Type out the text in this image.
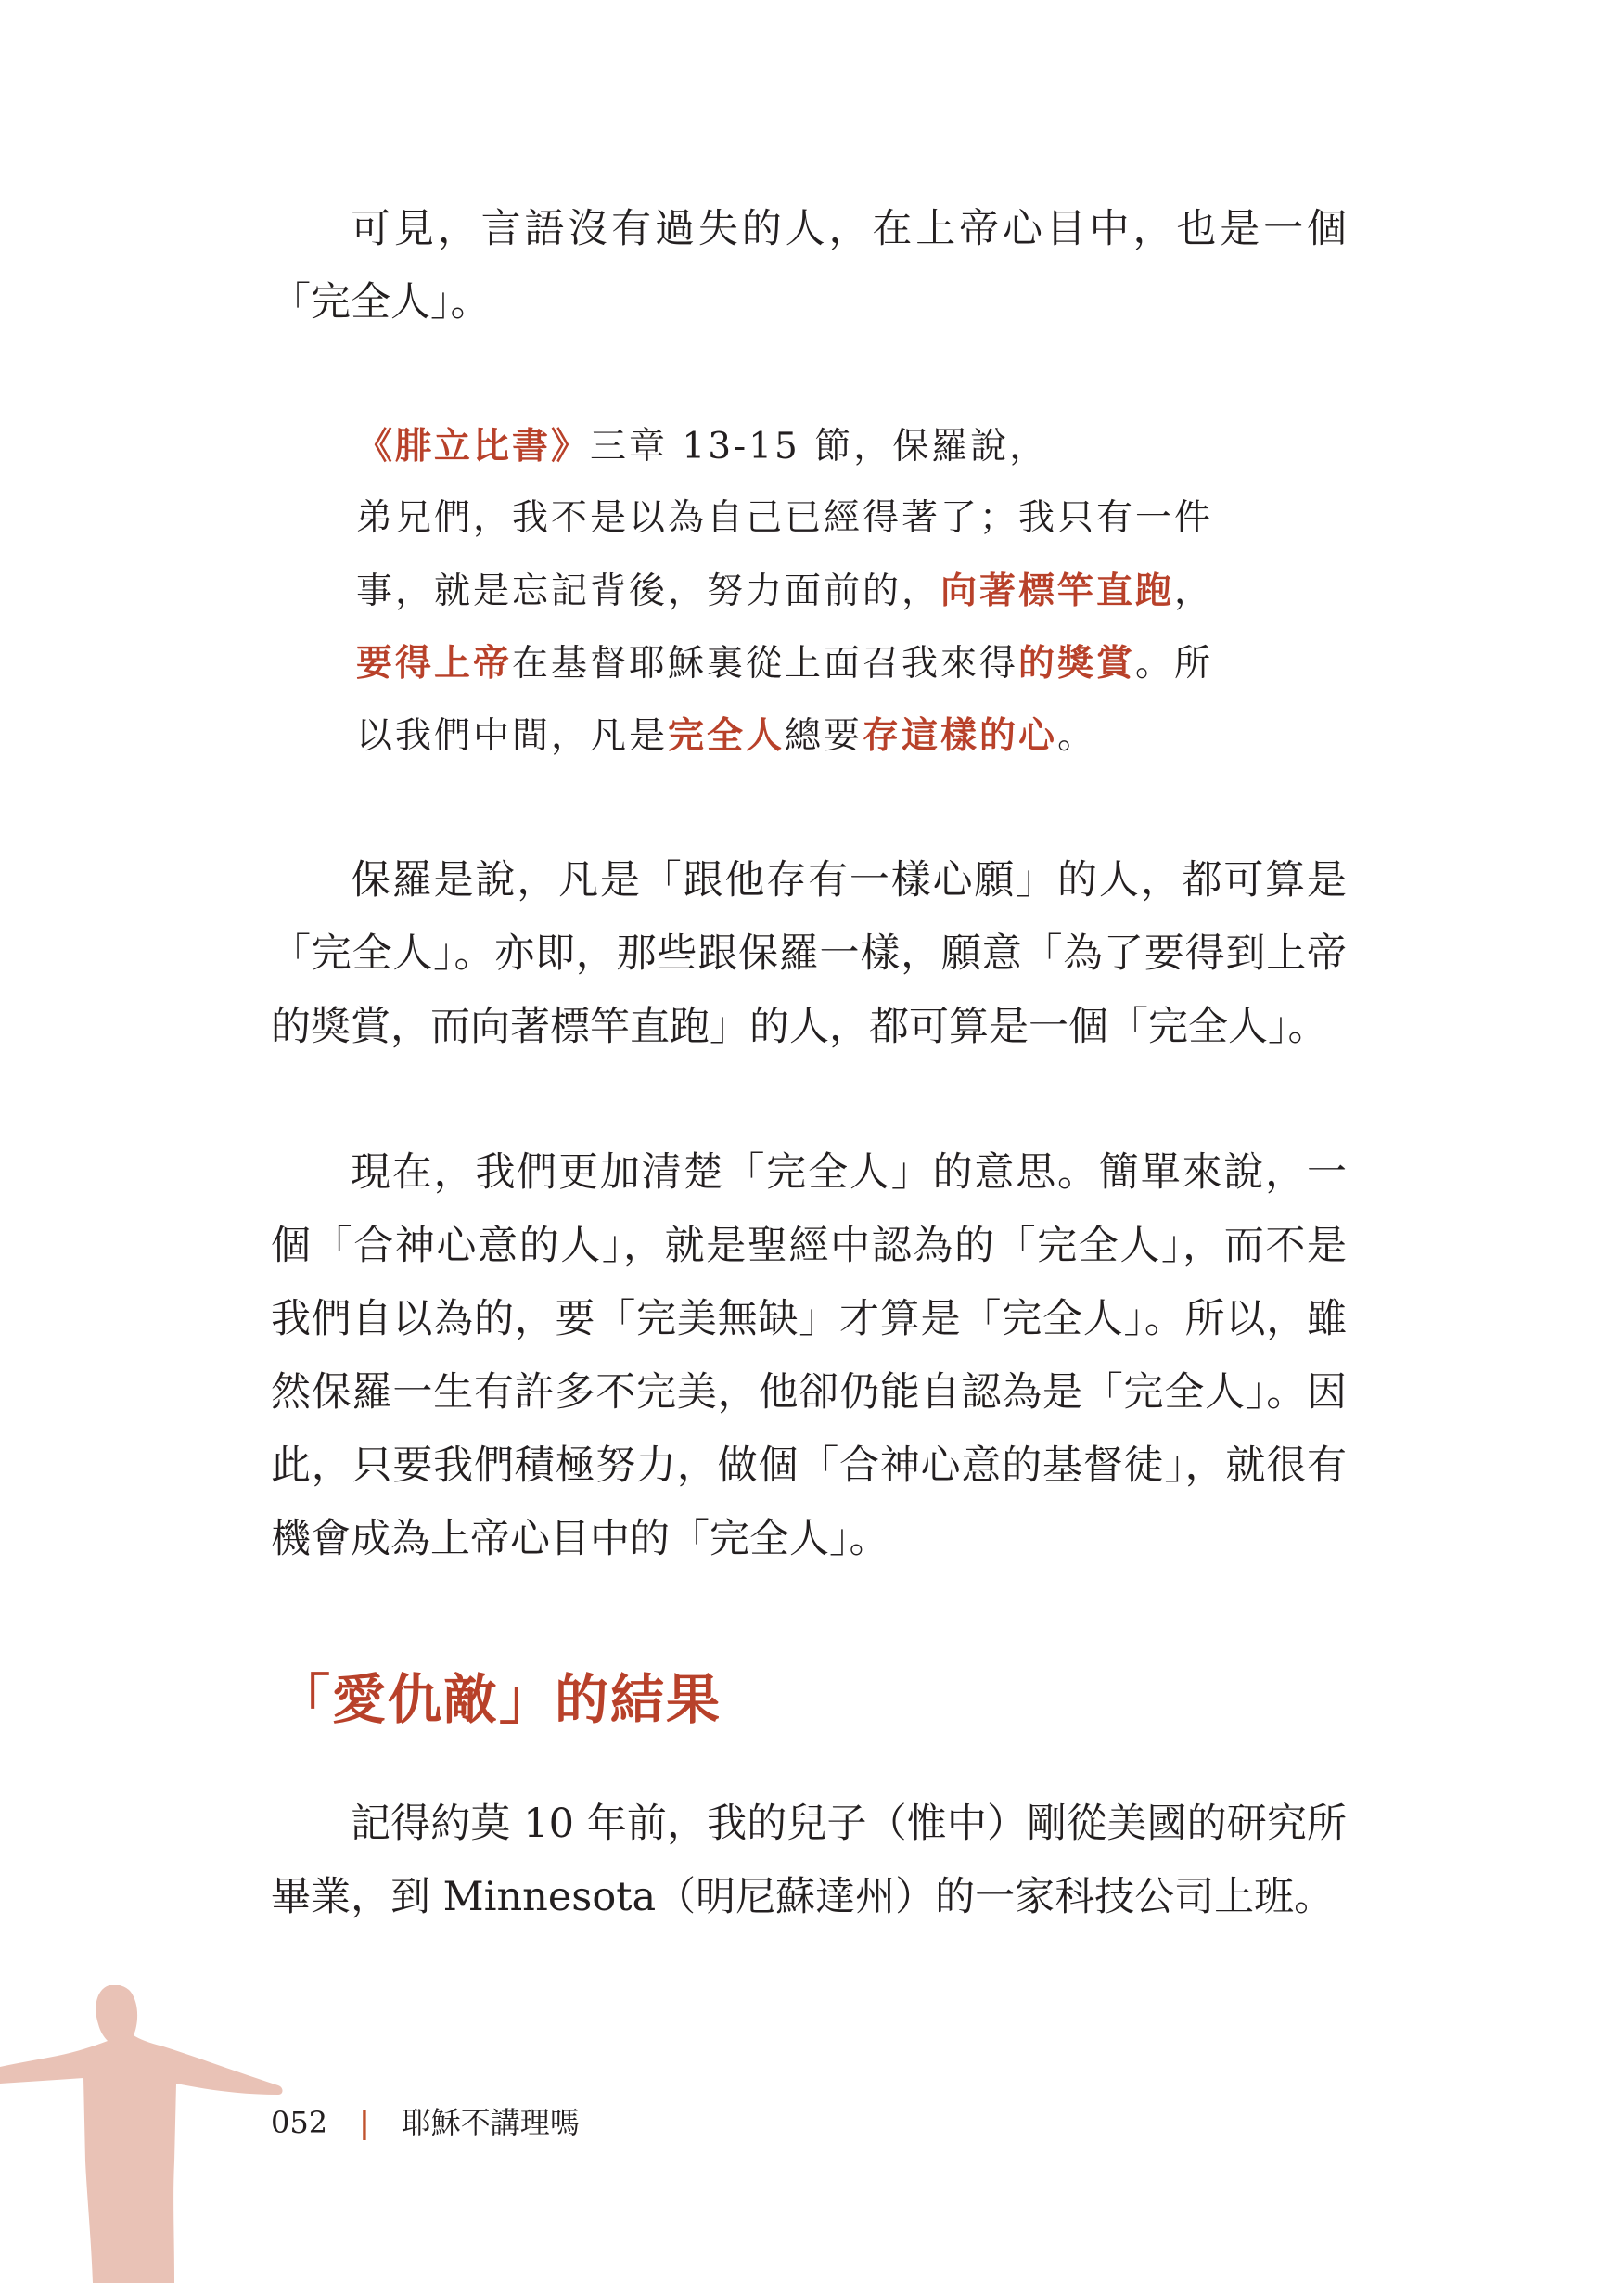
可見，言語沒有過失的人，在上帝心目中，也是一個「完全人」。

《腓立比書》三章 13-15 節，保羅說，

弟兄們，我不是以為自己已經得著了；我只有一件

事，就是忘記背後，努力面前的，向著標竿直跑，

要得上帝在基督耶穌裏從上面召我來得的獎賞。所

以我們中間，凡是完全人總要存這樣的心。

保羅是說，凡是「跟他存有一樣心願」的人，都可算是「完全人」。亦即，那些跟保羅一樣，願意「為了要得到上帝的獎賞，而向著標竿直跑」的人，都可算是一個「完全人」。

現在，我們更加清楚「完全人」的意思。簡單來說，一個「合神心意的人」，就是聖經中認為的「完全人」，而不是我們自以為的，要「完美無缺」才算是「完全人」。所以，雖然保羅一生有許多不完美，他卻仍能自認為是「完全人」。因此，只要我們積極努力，做個「合神心意的基督徒」，就很有機會成為上帝心目中的「完全人」。

「愛仇敵」的結果

記得約莫 10 年前，我的兒子（惟中）剛從美國的研究所畢業，到 Minnesota（明尼蘇達州）的一家科技公司上班。

052 | 耶穌不講理嗎
